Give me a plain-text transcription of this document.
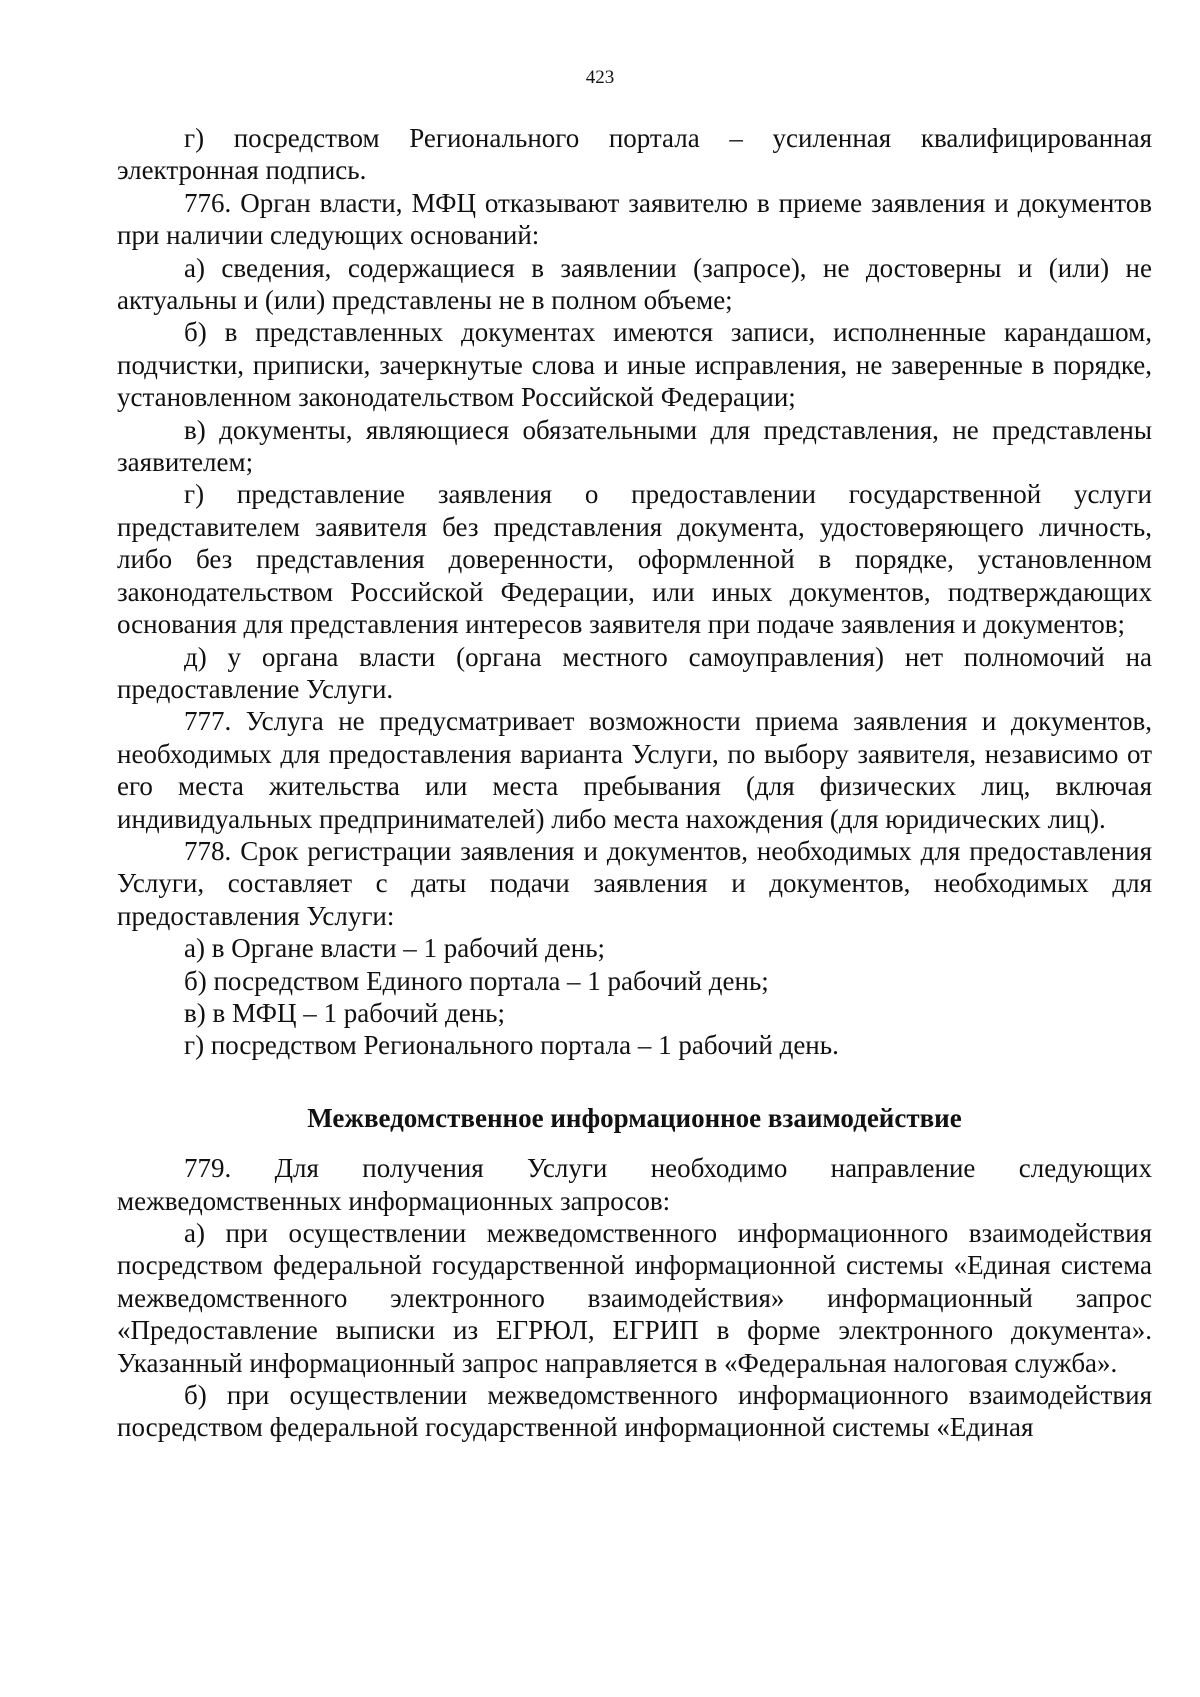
423

г) посредством Регионального портала – усиленная квалифицированная электронная подпись.

776. Орган власти, МФЦ отказывают заявителю в приеме заявления и документов при наличии следующих оснований:

а) сведения, содержащиеся в заявлении (запросе), не достоверны и (или) не актуальны и (или) представлены не в полном объеме;

б) в представленных документах имеются записи, исполненные карандашом, подчистки, приписки, зачеркнутые слова и иные исправления, не заверенные в порядке, установленном законодательством Российской Федерации;

в) документы, являющиеся обязательными для представления, не представлены заявителем;

г) представление заявления о предоставлении государственной услуги представителем заявителя без представления документа, удостоверяющего личность, либо без представления доверенности, оформленной в порядке, установленном законодательством Российской Федерации, или иных документов, подтверждающих основания для представления интересов заявителя при подаче заявления и документов;

д) у органа власти (органа местного самоуправления) нет полномочий на предоставление Услуги.

777. Услуга не предусматривает возможности приема заявления и документов, необходимых для предоставления варианта Услуги, по выбору заявителя, независимо от его места жительства или места пребывания (для физических лиц, включая индивидуальных предпринимателей) либо места нахождения (для юридических лиц).

778. Срок регистрации заявления и документов, необходимых для предоставления Услуги, составляет с даты подачи заявления и документов, необходимых для предоставления Услуги:

а) в Органе власти – 1 рабочий день;

б) посредством Единого портала – 1 рабочий день;

в) в МФЦ – 1 рабочий день;

г) посредством Регионального портала – 1 рабочий день.

Межведомственное информационное взаимодействие

779. Для получения Услуги необходимо направление следующих межведомственных информационных запросов:

а) при осуществлении межведомственного информационного взаимодействия посредством федеральной государственной информационной системы «Единая система межведомственного электронного взаимодействия» информационный запрос «Предоставление выписки из ЕГРЮЛ, ЕГРИП в форме электронного документа». Указанный информационный запрос направляется в «Федеральная налоговая служба».

б) при осуществлении межведомственного информационного взаимодействия посредством федеральной государственной информационной системы «Единая
